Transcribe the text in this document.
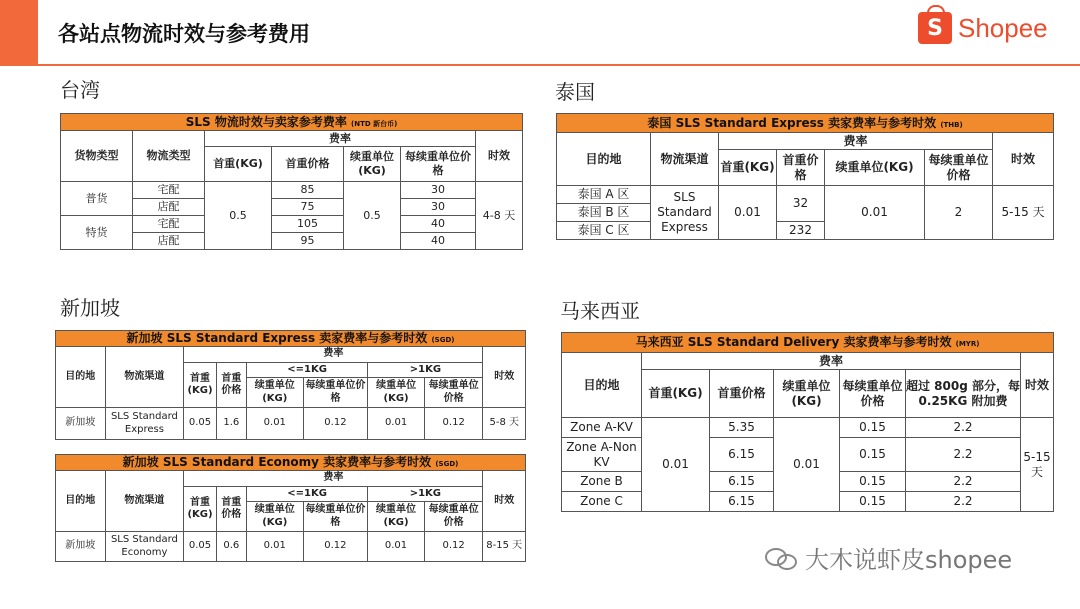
各站点物流时效与参考费用	S Shopee
台湾
SLS 物流时效与卖家参考费率 (NTD 新台币)						
货物类型	物流类型	费率				时效
		首重(KG)	首重价格	续重单位(KG)	每续重单位价格	
普货	宅配	0.5	85	0.5	30	4-8 天
	店配		75		30	
特货	宅配		105		40	
	店配		95		40	
泰国
泰国 SLS Standard Express 卖家费率与参考时效 (THB)						
目的地	物流渠道	费率				时效
		首重(KG)	首重价格	续重单位(KG)	每续重单位价格	
泰国 A 区	SLS Standard Express	0.01	32	0.01	2	5-15 天
泰国 B 区						
泰国 C 区			232			
新加坡
新加坡 SLS Standard Express 卖家费率与参考时效 (SGD)								
目的地	物流渠道	费率						时效
		首重(KG)	首重价格	<=1KG		>1KG		
				续重单位(KG)	每续重单位价格	续重单位(KG)	每续重单位价格	
新加坡	SLS Standard Express	0.05	1.6	0.01	0.12	0.01	0.12	5-8 天
新加坡 SLS Standard Economy 卖家费率与参考时效 (SGD)								
目的地	物流渠道	费率						时效
		首重(KG)	首重价格	<=1KG		>1KG		
				续重单位(KG)	每续重单位价格	续重单位(KG)	每续重单位价格	
新加坡	SLS Standard Economy	0.05	0.6	0.01	0.12	0.01	0.12	8-15 天
马来西亚
马来西亚 SLS Standard Delivery 卖家费率与参考时效 (MYR)						
目的地	费率					时效
	首重(KG)	首重价格	续重单位(KG)	每续重单位价格	超过 800g 部分，每 0.25KG 附加费	
Zone A-KV	0.01	5.35	0.01	0.15	2.2	5-15 天
Zone A-Non KV		6.15		0.15	2.2	
Zone B		6.15		0.15	2.2	
Zone C		6.15		0.15	2.2	
大木说虾皮shopee
